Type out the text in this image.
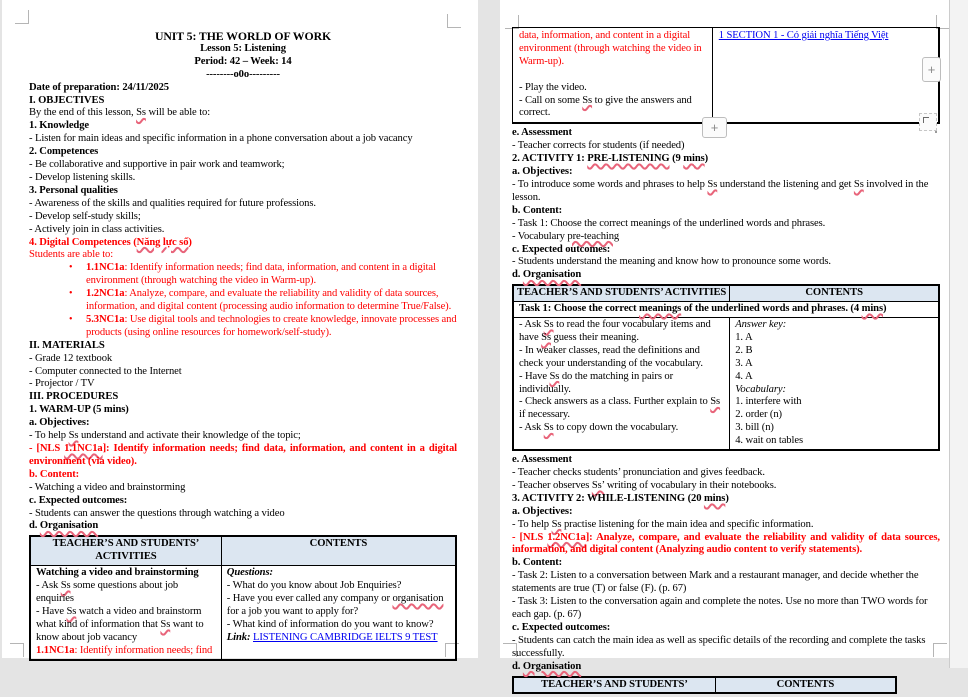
UNIT 5: THE WORLD OF WORK
Lesson 5: Listening
Period: 42 – Week: 14
--------o0o---------
Date of preparation: 24/11/2025
I. OBJECTIVES
By the end of this lesson, Ss will be able to:
1. Knowledge
- Listen for main ideas and specific information in a phone conversation about a job vacancy
2. Competences
- Be collaborative and supportive in pair work and teamwork;
- Develop listening skills.
3. Personal qualities
- Awareness of the skills and qualities required for future professions.
- Develop self-study skills;
- Actively join in class activities.
4. Digital Competences (Năng lực số)
Students are able to:
• 1.1NC1a: Identify information needs; find data, information, and content in a digital environment (through watching the video in Warm-up).
• 1.2NC1a: Analyze, compare, and evaluate the reliability and validity of data sources, information, and digital content (processing audio information to determine True/False).
• 5.3NC1a: Use digital tools and technologies to create knowledge, innovate processes and products (using online resources for homework/self-study).
II. MATERIALS
- Grade 12 textbook
- Computer connected to the Internet
- Projector / TV
III. PROCEDURES
1. WARM-UP (5 mins)
a. Objectives:
- To help Ss understand and activate their knowledge of the topic;
- [NLS 1.1NC1a]: Identify information needs; find data, information, and content in a digital environment (via video).
b. Content:
- Watching a video and brainstorming
c. Expected outcomes:
- Students can answer the questions through watching a video
d. Organisation
TEACHER’S AND STUDENTS’ ACTIVITIES
CONTENTS
Watching a video and brainstorming
- Ask Ss some questions about job enquiries
- Have Ss watch a video and brainstorm what kind of information that Ss want to know about job vacancy
1.1NC1a: Identify information needs; find
Questions:
- What do you know about Job Enquiries?
- Have you ever called any company or organisation for a job you want to apply for?
- What kind of information do you want to know?
Link: LISTENING CAMBRIDGE IELTS 9 TEST
data, information, and content in a digital environment (through watching the video in Warm-up).

- Play the video.
- Call on some Ss to give the answers and correct.
1 SECTION 1 - Có giải nghĩa Tiếng Việt
e. Assessment
- Teacher corrects for students (if needed)
2. ACTIVITY 1: PRE-LISTENING (9 mins)
a. Objectives:
- To introduce some words and phrases to help Ss understand the listening and get Ss involved in the lesson.
b. Content:
- Task 1: Choose the correct meanings of the underlined words and phrases.
- Vocabulary pre-teaching
c. Expected outcomes:
- Students understand the meaning and know how to pronounce some words.
d. Organisation
TEACHER’S AND STUDENTS’ ACTIVITIES	CONTENTS
Task 1: Choose the correct meanings of the underlined words and phrases. (4 mins)
- Ask Ss to read the four vocabulary items and have Ss guess their meaning.
- In weaker classes, read the definitions and check your understanding of the vocabulary.
- Have Ss do the matching in pairs or individually.
- Check answers as a class. Further explain to Ss if necessary.
- Ask Ss to copy down the vocabulary.
Answer key:
1. A
2. B
3. A
4. A
Vocabulary:
1. interfere with
2. order (n)
3. bill (n)
4. wait on tables
e. Assessment
- Teacher checks students’ pronunciation and gives feedback.
- Teacher observes Ss’ writing of vocabulary in their notebooks.
3. ACTIVITY 2: WHILE-LISTENING (20 mins)
a. Objectives:
- To help Ss practise listening for the main idea and specific information.
- [NLS 1.2NC1a]: Analyze, compare, and evaluate the reliability and validity of data sources, information, and digital content (Analyzing audio content to verify statements).
b. Content:
- Task 2: Listen to a conversation between Mark and a restaurant manager, and decide whether the statements are true (T) or false (F). (p. 67)
- Task 3: Listen to the conversation again and complete the notes. Use no more than TWO words for each gap. (p. 67)
c. Expected outcomes:
- Students can catch the main idea as well as specific details of the recording and complete the tasks successfully.
d. Organisation
TEACHER’S AND STUDENTS’	CONTENTS
+
+
